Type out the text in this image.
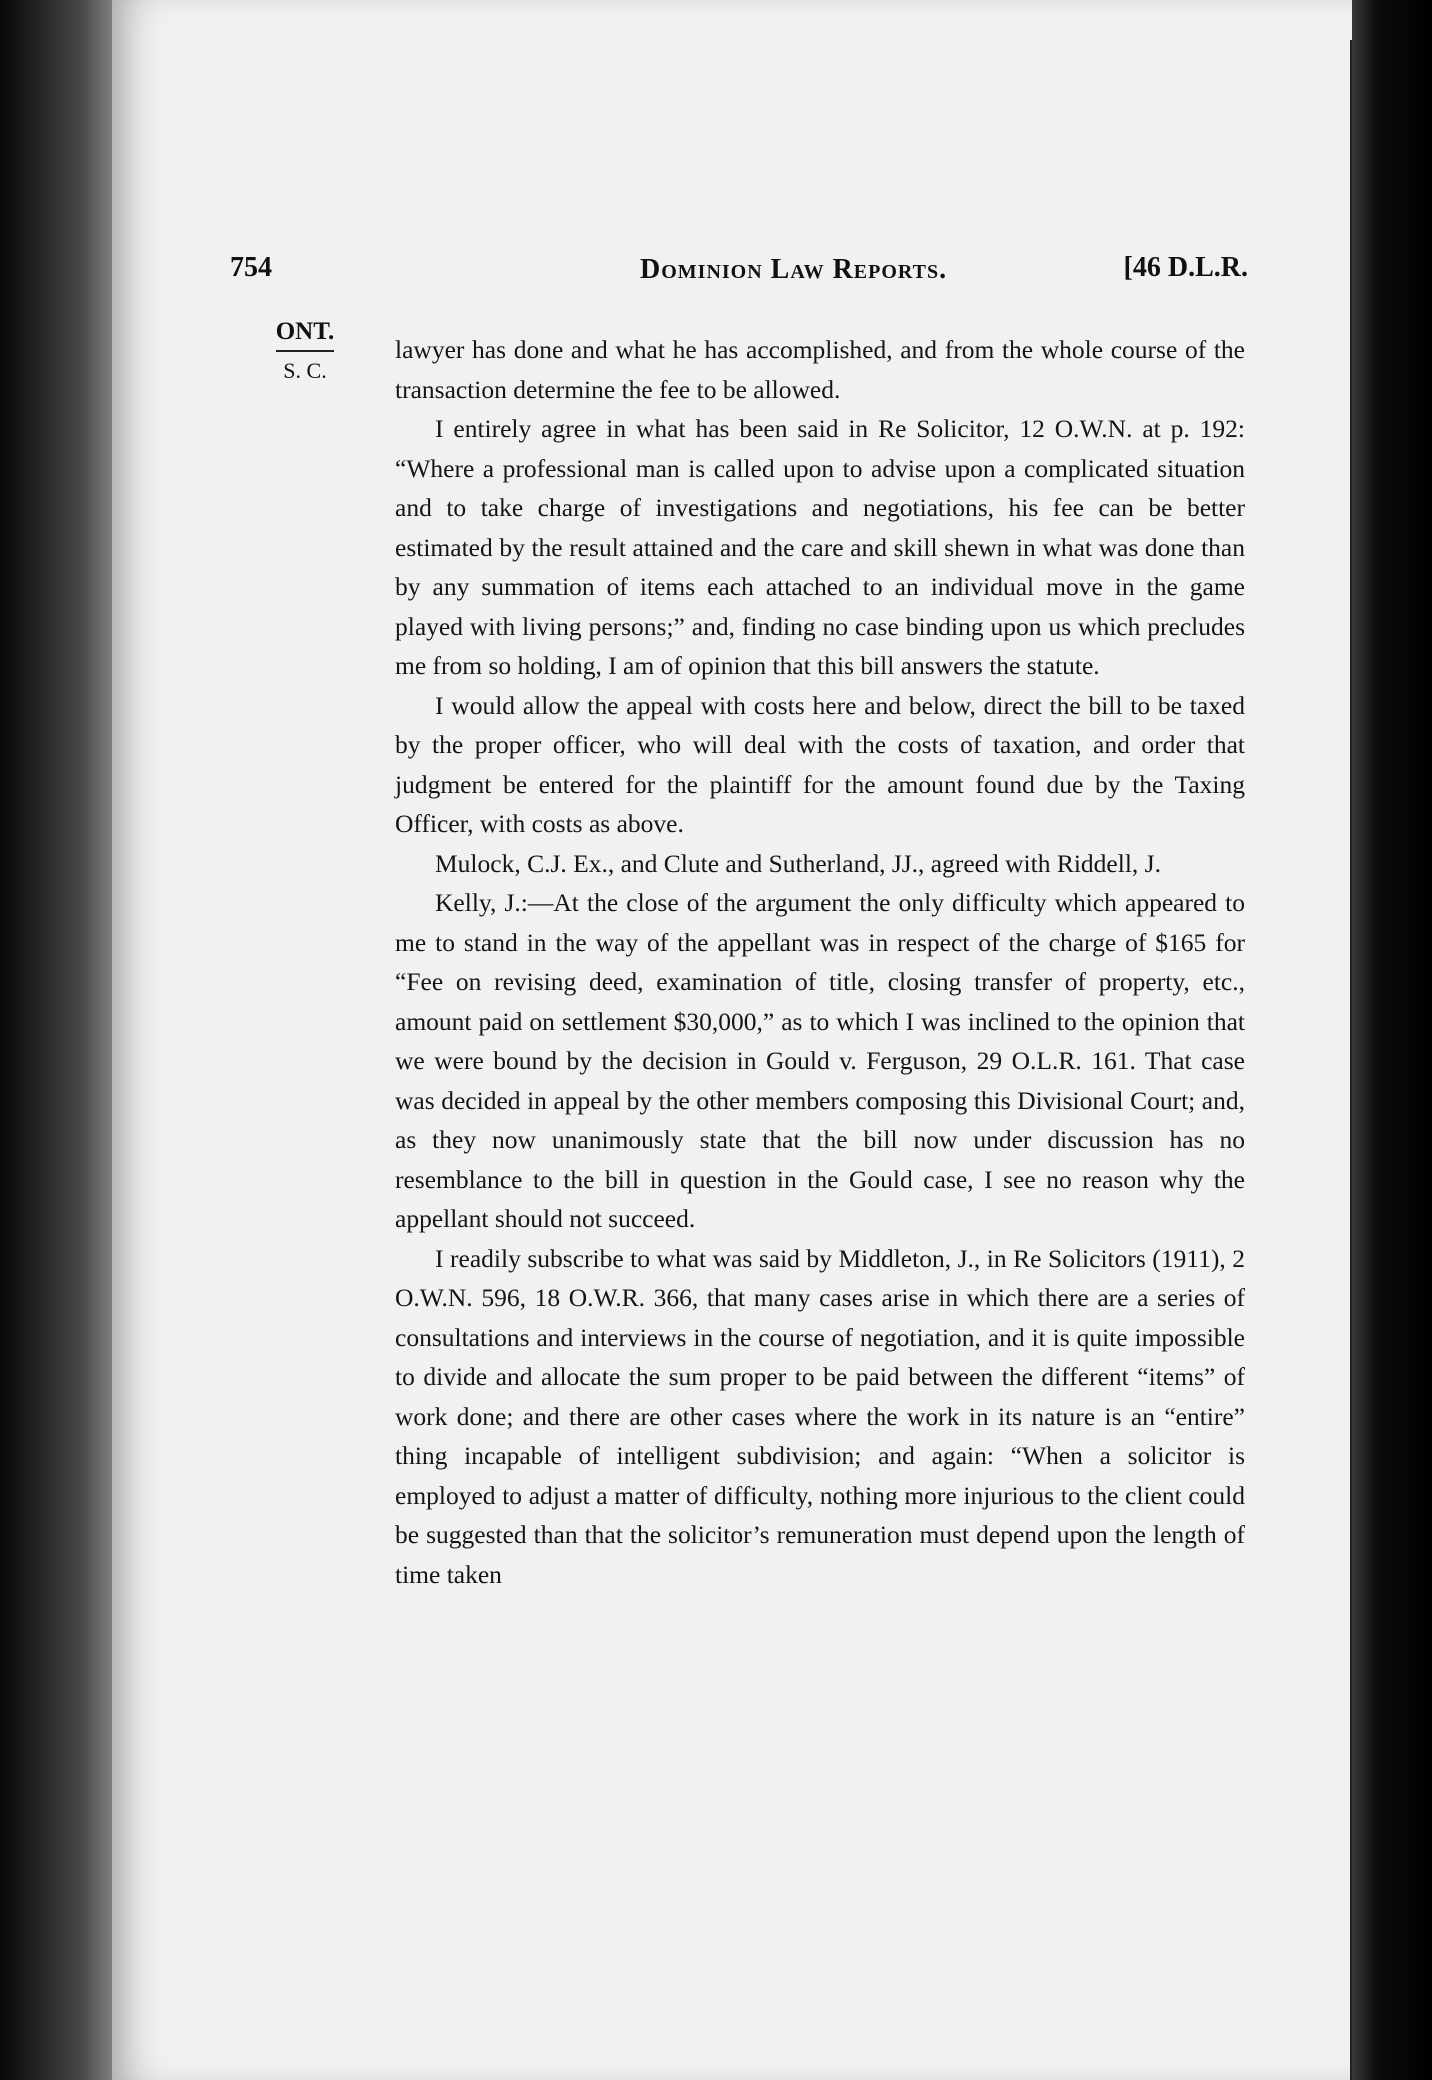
754	Dominion Law Reports.	[46 D.L.R.
ONT.
S. C.

lawyer has done and what he has accomplished, and from the whole course of the transaction determine the fee to be allowed.

I entirely agree in what has been said in Re Solicitor, 12 O.W.N. at p. 192: “Where a professional man is called upon to advise upon a complicated situation and to take charge of investigations and negotiations, his fee can be better estimated by the result attained and the care and skill shewn in what was done than by any summation of items each attached to an individual move in the game played with living persons;” and, finding no case binding upon us which precludes me from so holding, I am of opinion that this bill answers the statute.

I would allow the appeal with costs here and below, direct the bill to be taxed by the proper officer, who will deal with the costs of taxation, and order that judgment be entered for the plaintiff for the amount found due by the Taxing Officer, with costs as above.

Mulock, C.J. Ex., and Clute and Sutherland, JJ., agreed with Riddell, J.

Kelly, J.:—At the close of the argument the only difficulty which appeared to me to stand in the way of the appellant was in respect of the charge of $165 for “Fee on revising deed, examination of title, closing transfer of property, etc., amount paid on settlement $30,000,” as to which I was inclined to the opinion that we were bound by the decision in Gould v. Ferguson, 29 O.L.R. 161. That case was decided in appeal by the other members composing this Divisional Court; and, as they now unanimously state that the bill now under discussion has no resemblance to the bill in question in the Gould case, I see no reason why the appellant should not succeed.

I readily subscribe to what was said by Middleton, J., in Re Solicitors (1911), 2 O.W.N. 596, 18 O.W.R. 366, that many cases arise in which there are a series of consultations and interviews in the course of negotiation, and it is quite impossible to divide and allocate the sum proper to be paid between the different “items” of work done; and there are other cases where the work in its nature is an “entire” thing incapable of intelligent subdivision; and again: “When a solicitor is employed to adjust a matter of difficulty, nothing more injurious to the client could be suggested than that the solicitor’s remuneration must depend upon the length of time taken
